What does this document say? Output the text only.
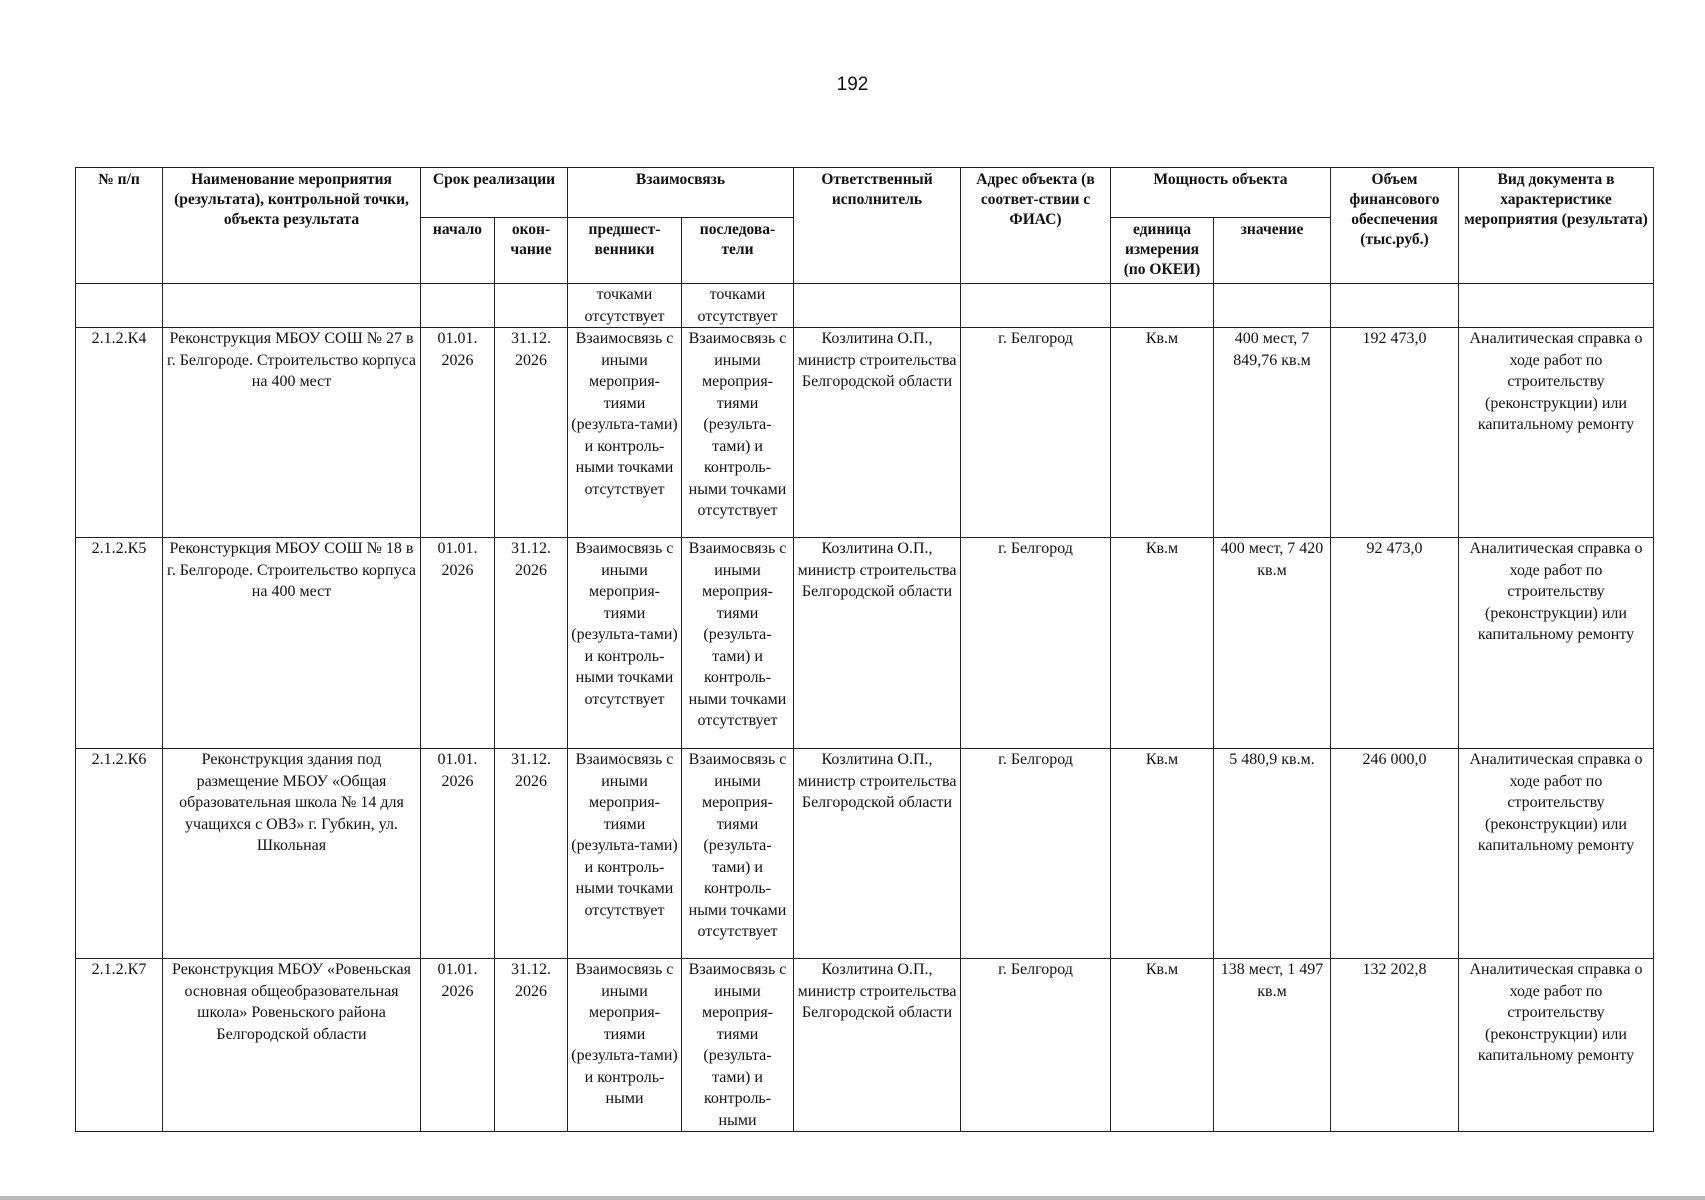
192
№ п/п	Наименование мероприятия (результата), контрольной точки, объекта результата	Срок реализации		Взаимосвязь		Ответственный исполнитель	Адрес объекта (в соответ-ствии с ФИАС)	Мощность объекта		Объем финансового обеспечения (тыс.руб.)	Вид документа в характеристике мероприятия (результата)
		начало	окон-чание	предшест-венники	последова-тели			единица измерения (по ОКЕИ)	значение		
				точками отсутствует	точками отсутствует						
2.1.2.К4	Реконструкция МБОУ СОШ № 27 в г. Белгороде. Строительство корпуса на 400 мест	01.01. 2026	31.12. 2026	Взаимосвязь с иными мероприя-тиями (результа-тами) и контроль-ными точками отсутствует	Взаимосвязь с иными мероприя-тиями (результа-тами) и контроль-ными точками отсутствует	Козлитина О.П., министр строительства Белгородской области	г. Белгород	Кв.м	400 мест, 7 849,76 кв.м	192 473,0	Аналитическая справка о ходе работ по строительству (реконструкции) или капитальному ремонту
2.1.2.К5	Реконстуркция МБОУ СОШ № 18 в г. Белгороде. Строительство корпуса на 400 мест	01.01. 2026	31.12. 2026	Взаимосвязь с иными мероприя-тиями (результа-тами) и контроль-ными точками отсутствует	Взаимосвязь с иными мероприя-тиями (результа-тами) и контроль-ными точками отсутствует	Козлитина О.П., министр строительства Белгородской области	г. Белгород	Кв.м	400 мест, 7 420 кв.м	92 473,0	Аналитическая справка о ходе работ по строительству (реконструкции) или капитальному ремонту
2.1.2.К6	Реконструкция здания под размещение МБОУ «Общая образовательная школа № 14 для учащихся с ОВЗ» г. Губкин, ул. Школьная	01.01. 2026	31.12. 2026	Взаимосвязь с иными мероприя-тиями (результа-тами) и контроль-ными точками отсутствует	Взаимосвязь с иными мероприя-тиями (результа-тами) и контроль-ными точками отсутствует	Козлитина О.П., министр строительства Белгородской области	г. Белгород	Кв.м	5 480,9 кв.м.	246 000,0	Аналитическая справка о ходе работ по строительству (реконструкции) или капитальному ремонту
2.1.2.К7	Реконструкция МБОУ «Ровеньская основная общеобразовательная школа» Ровеньского района Белгородской области	01.01. 2026	31.12. 2026	Взаимосвязь с иными мероприя-тиями (результа-тами) и контроль-ными	Взаимосвязь с иными мероприя-тиями (результа-тами) и контроль-ными	Козлитина О.П., министр строительства Белгородской области	г. Белгород	Кв.м	138 мест, 1 497 кв.м	132 202,8	Аналитическая справка о ходе работ по строительству (реконструкции) или капитальному ремонту
